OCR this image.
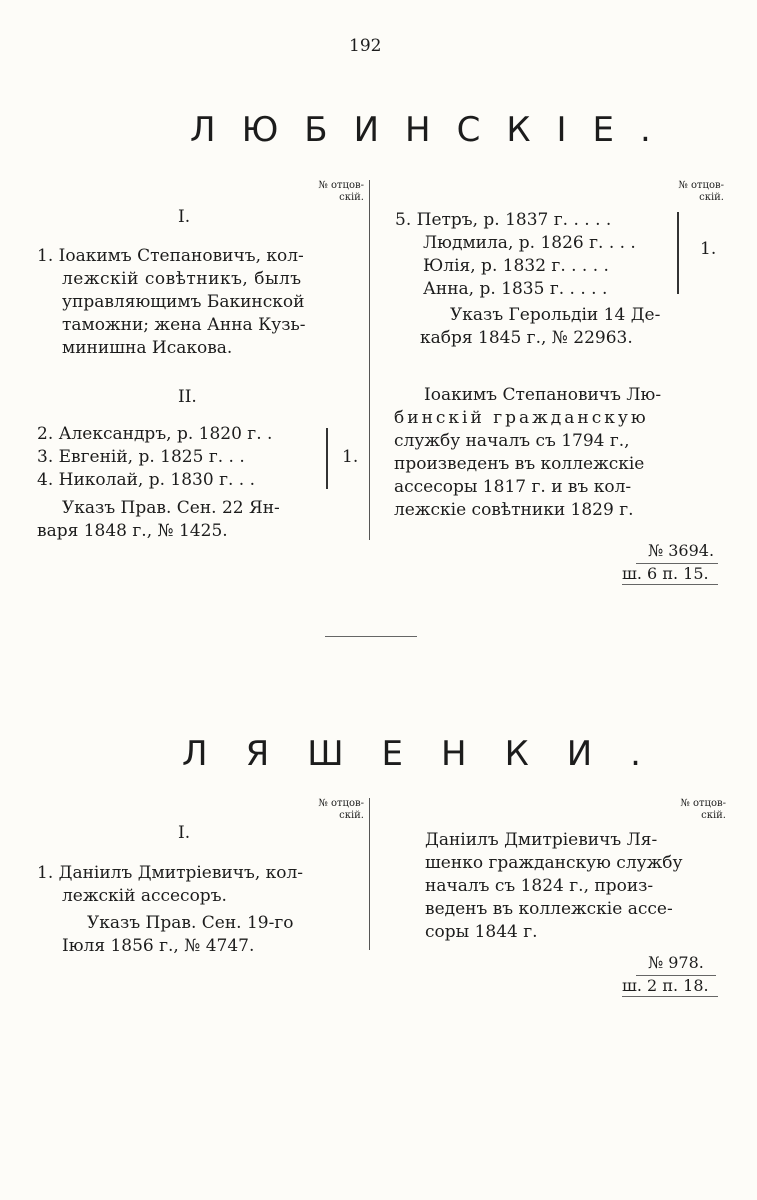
192
ЛЮБИНСКІЕ.
№ отцов-
скій.
№ отцов-
скій.
I.
1. Іоакимъ Степановичъ, кол-
лежскій совѣтникъ, былъ
управляющимъ Бакинской
таможни; жена Анна Кузь-
минишна Исакова.
II.
2. Александръ, р. 1820 г. .
3. Евгеній, р. 1825 г. . .
4. Николай, р. 1830 г. . .
1.
Указъ Прав. Сен. 22 Ян-
варя 1848 г., № 1425.
5. Петръ, р. 1837 г. . . . .
Людмила, р. 1826 г. . . .
Юлія, р. 1832 г. . . . .
Анна, р. 1835 г. . . . .
1.
Указъ Герольдіи 14 Де-
кабря 1845 г., № 22963.
Іоакимъ Степановичъ Лю-
бинскій гражданскую
службу началъ съ 1794 г.,
произведенъ въ коллежскіе
ассесоры 1817 г. и въ кол-
лежскіе совѣтники 1829 г.
№ 3694.
ш. 6 п. 15.
ЛЯШЕНКИ.
№ отцов-
скій.
№ отцов-
скій.
I.
1. Даніилъ Дмитріевичъ, кол-
лежскій ассесоръ.
Указъ Прав. Сен. 19-го
Іюля 1856 г., № 4747.
Даніилъ Дмитріевичъ Ля-
шенко гражданскую службу
началъ съ 1824 г., произ-
веденъ въ коллежскіе ассе-
соры 1844 г.
№ 978.
ш. 2 п. 18.
